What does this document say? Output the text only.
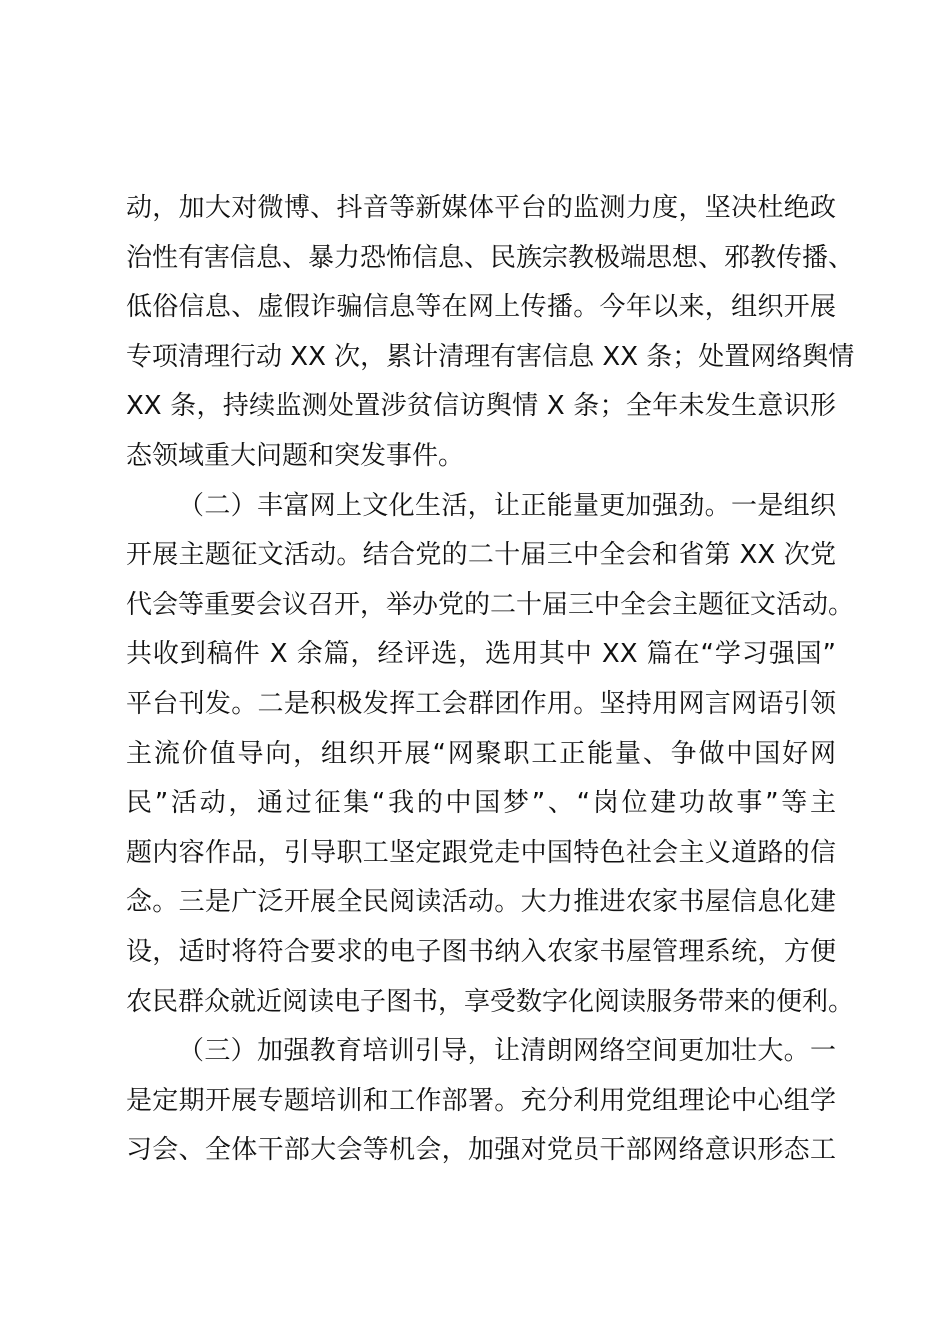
动，加大对微博、抖音等新媒体平台的监测力度，坚决杜绝政
治性有害信息、暴力恐怖信息、民族宗教极端思想、邪教传播、
低俗信息、虚假诈骗信息等在网上传播。今年以来，组织开展
专项清理行动 XX 次，累计清理有害信息 XX 条；处置网络舆情
XX 条，持续监测处置涉贫信访舆情 X 条；全年未发生意识形
态领域重大问题和突发事件。
（二）丰富网上文化生活，让正能量更加强劲。一是组织
开展主题征文活动。结合党的二十届三中全会和省第 XX 次党
代会等重要会议召开，举办党的二十届三中全会主题征文活动。
共收到稿件 X 余篇，经评选，选用其中 XX 篇在“学习强国”
平台刊发。二是积极发挥工会群团作用。坚持用网言网语引领
主流价值导向，组织开展“网聚职工正能量、争做中国好网
民”活动，通过征集“我的中国梦”、“岗位建功故事”等主
题内容作品，引导职工坚定跟党走中国特色社会主义道路的信
念。三是广泛开展全民阅读活动。大力推进农家书屋信息化建
设，适时将符合要求的电子图书纳入农家书屋管理系统，方便
农民群众就近阅读电子图书，享受数字化阅读服务带来的便利。
（三）加强教育培训引导，让清朗网络空间更加壮大。一
是定期开展专题培训和工作部署。充分利用党组理论中心组学
习会、全体干部大会等机会，加强对党员干部网络意识形态工
